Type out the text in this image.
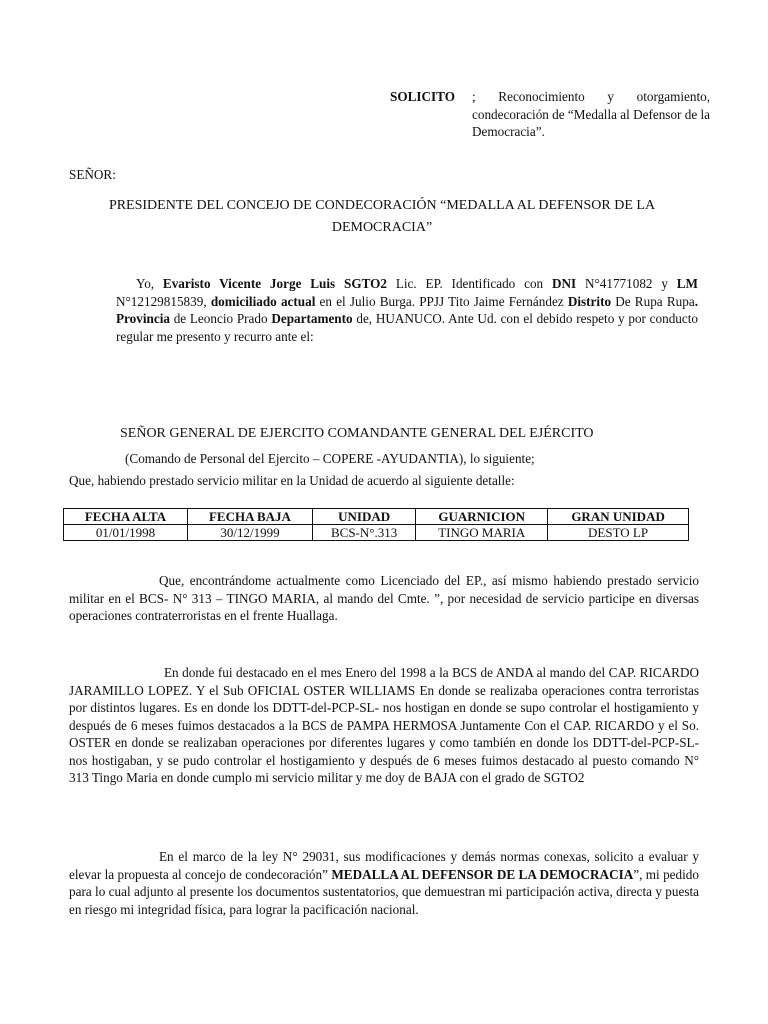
SOLICITO	; Reconocimiento y otorgamiento, condecoración de “Medalla al Defensor de la Democracia”.
SEÑOR:
PRESIDENTE DEL CONCEJO DE CONDECORACIÓN “MEDALLA AL DEFENSOR DE LA DEMOCRACIA”
Yo, Evaristo Vicente Jorge Luis SGTO2 Lic. EP. Identificado con DNI N°41771082 y LM N°12129815839, domiciliado actual en el Julio Burga. PPJJ Tito Jaime Fernández Distrito De Rupa Rupa. Provincia de Leoncio Prado Departamento de, HUANUCO. Ante Ud. con el debido respeto y por conducto regular me presento y recurro ante el:
SEÑOR GENERAL DE EJERCITO COMANDANTE GENERAL DEL EJÉRCITO
(Comando de Personal del Ejercito – COPERE -AYUDANTIA), lo siguiente;
Que, habiendo prestado servicio militar en la Unidad de acuerdo al siguiente detalle:
FECHA ALTA	FECHA BAJA	UNIDAD	GUARNICION	GRAN UNIDAD
01/01/1998	30/12/1999	BCS-N°.313	TINGO MARIA	DESTO LP
Que, encontrándome actualmente como Licenciado del EP., así mismo habiendo prestado servicio militar en el BCS- N° 313 – TINGO MARIA, al mando del Cmte. ”, por necesidad de servicio participe en diversas operaciones contraterroristas en el frente Huallaga.
En donde fui destacado en el mes Enero del 1998 a la BCS de ANDA al mando del CAP. RICARDO JARAMILLO LOPEZ. Y el Sub OFICIAL OSTER WILLIAMS En donde se realizaba operaciones contra terroristas por distintos lugares. Es en donde los DDTT-del-PCP-SL- nos hostigan en donde se supo controlar el hostigamiento y después de 6 meses fuimos destacados a la BCS de PAMPA HERMOSA Juntamente Con el CAP. RICARDO y el So. OSTER en donde se realizaban operaciones por diferentes lugares y como también en donde los DDTT-del-PCP-SL-nos hostigaban, y se pudo controlar el hostigamiento y después de 6 meses fuimos destacado al puesto comando N° 313 Tingo Maria en donde cumplo mi servicio militar y me doy de BAJA con el grado de SGTO2
En el marco de la ley N° 29031, sus modificaciones y demás normas conexas, solicito a evaluar y elevar la propuesta al concejo de condecoración” MEDALLA AL DEFENSOR DE LA DEMOCRACIA”, mi pedido para lo cual adjunto al presente los documentos sustentatorios, que demuestran mi participación activa, directa y puesta en riesgo mi integridad física, para lograr la pacificación nacional.
